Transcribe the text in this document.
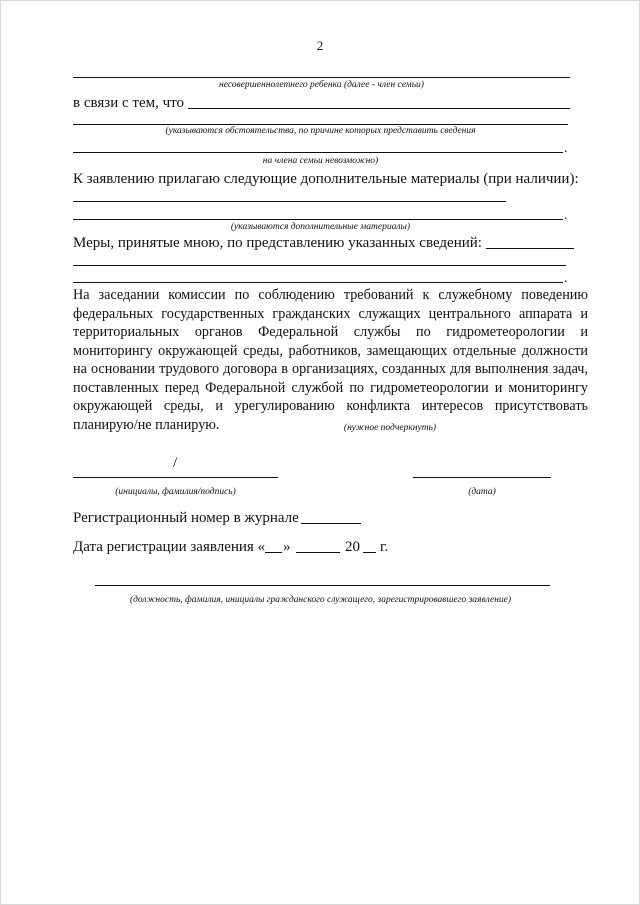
2
несовершеннолетнего ребенка (далее - член семьи)
в связи с тем, что
(указываются обстоятельства, по причине которых представить сведения
.
на члена семьи невозможно)
К заявлению прилагаю следующие дополнительные материалы (при наличии):
.
(указываются дополнительные материалы)
Меры, принятые мною, по представлению указанных сведений:
.

На заседании комиссии по соблюдению требований к служебному поведению федеральных государственных гражданских служащих центрального аппарата и территориальных органов Федеральной службы по гидрометеорологии и мониторингу окружающей среды, работников, замещающих отдельные должности на основании трудового договора в организациях, созданных для выполнения задач, поставленных перед Федеральной службой по гидрометеорологии и мониторингу окружающей среды, и урегулированию конфликта интересов присутствовать планирую/не планирую.	(нужное подчеркнуть)
/
(инициалы, фамилия/подпись)	(дата)
Регистрационный номер в журнале
Дата регистрации заявления « »	20 г.
(должность, фамилия, инициалы гражданского служащего, зарегистрировавшего заявление)
